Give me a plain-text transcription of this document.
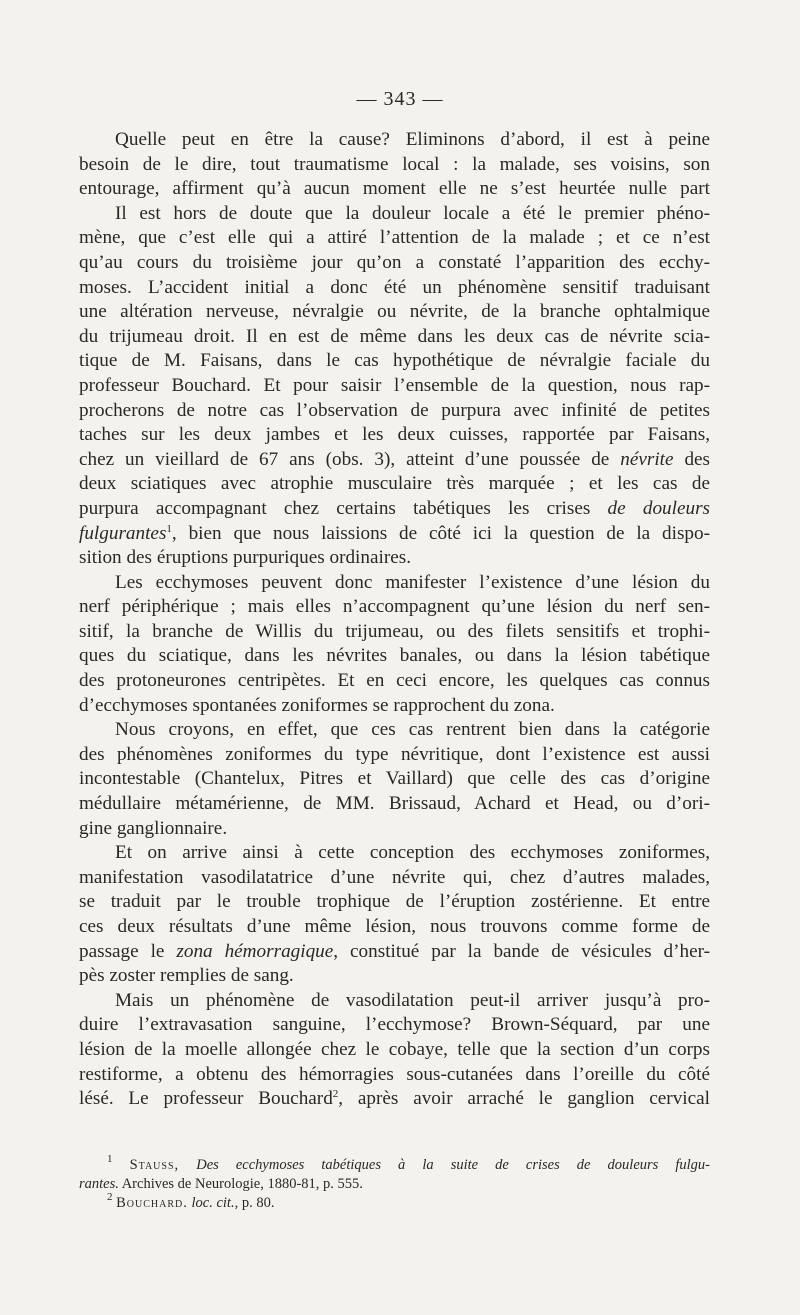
— 343 —
Quelle peut en être la cause? Eliminons d’abord, il est à peine
besoin de le dire, tout traumatisme local : la malade, ses voisins, son
entourage, affirment qu’à aucun moment elle ne s’est heurtée nulle part
Il est hors de doute que la douleur locale a été le premier phéno-
mène, que c’est elle qui a attiré l’attention de la malade ; et ce n’est
qu’au cours du troisième jour qu’on a constaté l’apparition des ecchy-
moses. L’accident initial a donc été un phénomène sensitif traduisant
une altération nerveuse, névralgie ou névrite, de la branche ophtalmique
du trijumeau droit. Il en est de même dans les deux cas de névrite scia-
tique de M. Faisans, dans le cas hypothétique de névralgie faciale du
professeur Bouchard. Et pour saisir l’ensemble de la question, nous rap-
procherons de notre cas l’observation de purpura avec infinité de petites
taches sur les deux jambes et les deux cuisses, rapportée par Faisans,
chez un vieillard de 67 ans (obs. 3), atteint d’une poussée de névrite des
deux sciatiques avec atrophie musculaire très marquée ; et les cas de
purpura accompagnant chez certains tabétiques les crises de douleurs
fulgurantes$^1$, bien que nous laissions de côté ici la question de la dispo-
sition des éruptions purpuriques ordinaires.
Les ecchymoses peuvent donc manifester l’existence d’une lésion du
nerf périphérique ; mais elles n’accompagnent qu’une lésion du nerf sen-
sitif, la branche de Willis du trijumeau, ou des filets sensitifs et trophi-
ques du sciatique, dans les névrites banales, ou dans la lésion tabétique
des protoneurones centripètes. Et en ceci encore, les quelques cas connus
d’ecchymoses spontanées zoniformes se rapprochent du zona.
Nous croyons, en effet, que ces cas rentrent bien dans la catégorie
des phénomènes zoniformes du type névritique, dont l’existence est aussi
incontestable (Chantelux, Pitres et Vaillard) que celle des cas d’origine
médullaire métamérienne, de MM. Brissaud, Achard et Head, ou d’ori-
gine ganglionnaire.
Et on arrive ainsi à cette conception des ecchymoses zoniformes,
manifestation vasodilatatrice d’une névrite qui, chez d’autres malades,
se traduit par le trouble trophique de l’éruption zostérienne. Et entre
ces deux résultats d’une même lésion, nous trouvons comme forme de
passage le zona hémorragique, constitué par la bande de vésicules d’her-
pès zoster remplies de sang.
Mais un phénomène de vasodilatation peut-il arriver jusqu’à pro-
duire l’extravasation sanguine, l’ecchymose? Brown-Séquard, par une
lésion de la moelle allongée chez le cobaye, telle que la section d’un corps
restiforme, a obtenu des hémorragies sous-cutanées dans l’oreille du côté
lésé. Le professeur Bouchard$^2$, après avoir arraché le ganglion cervical
$^1$ Stauss, Des ecchymoses tabétiques à la suite de crises de douleurs fulgu-
rantes. Archives de Neurologie, 1880-81, p. 555.
$^2$ Bouchard. loc. cit., p. 80.
